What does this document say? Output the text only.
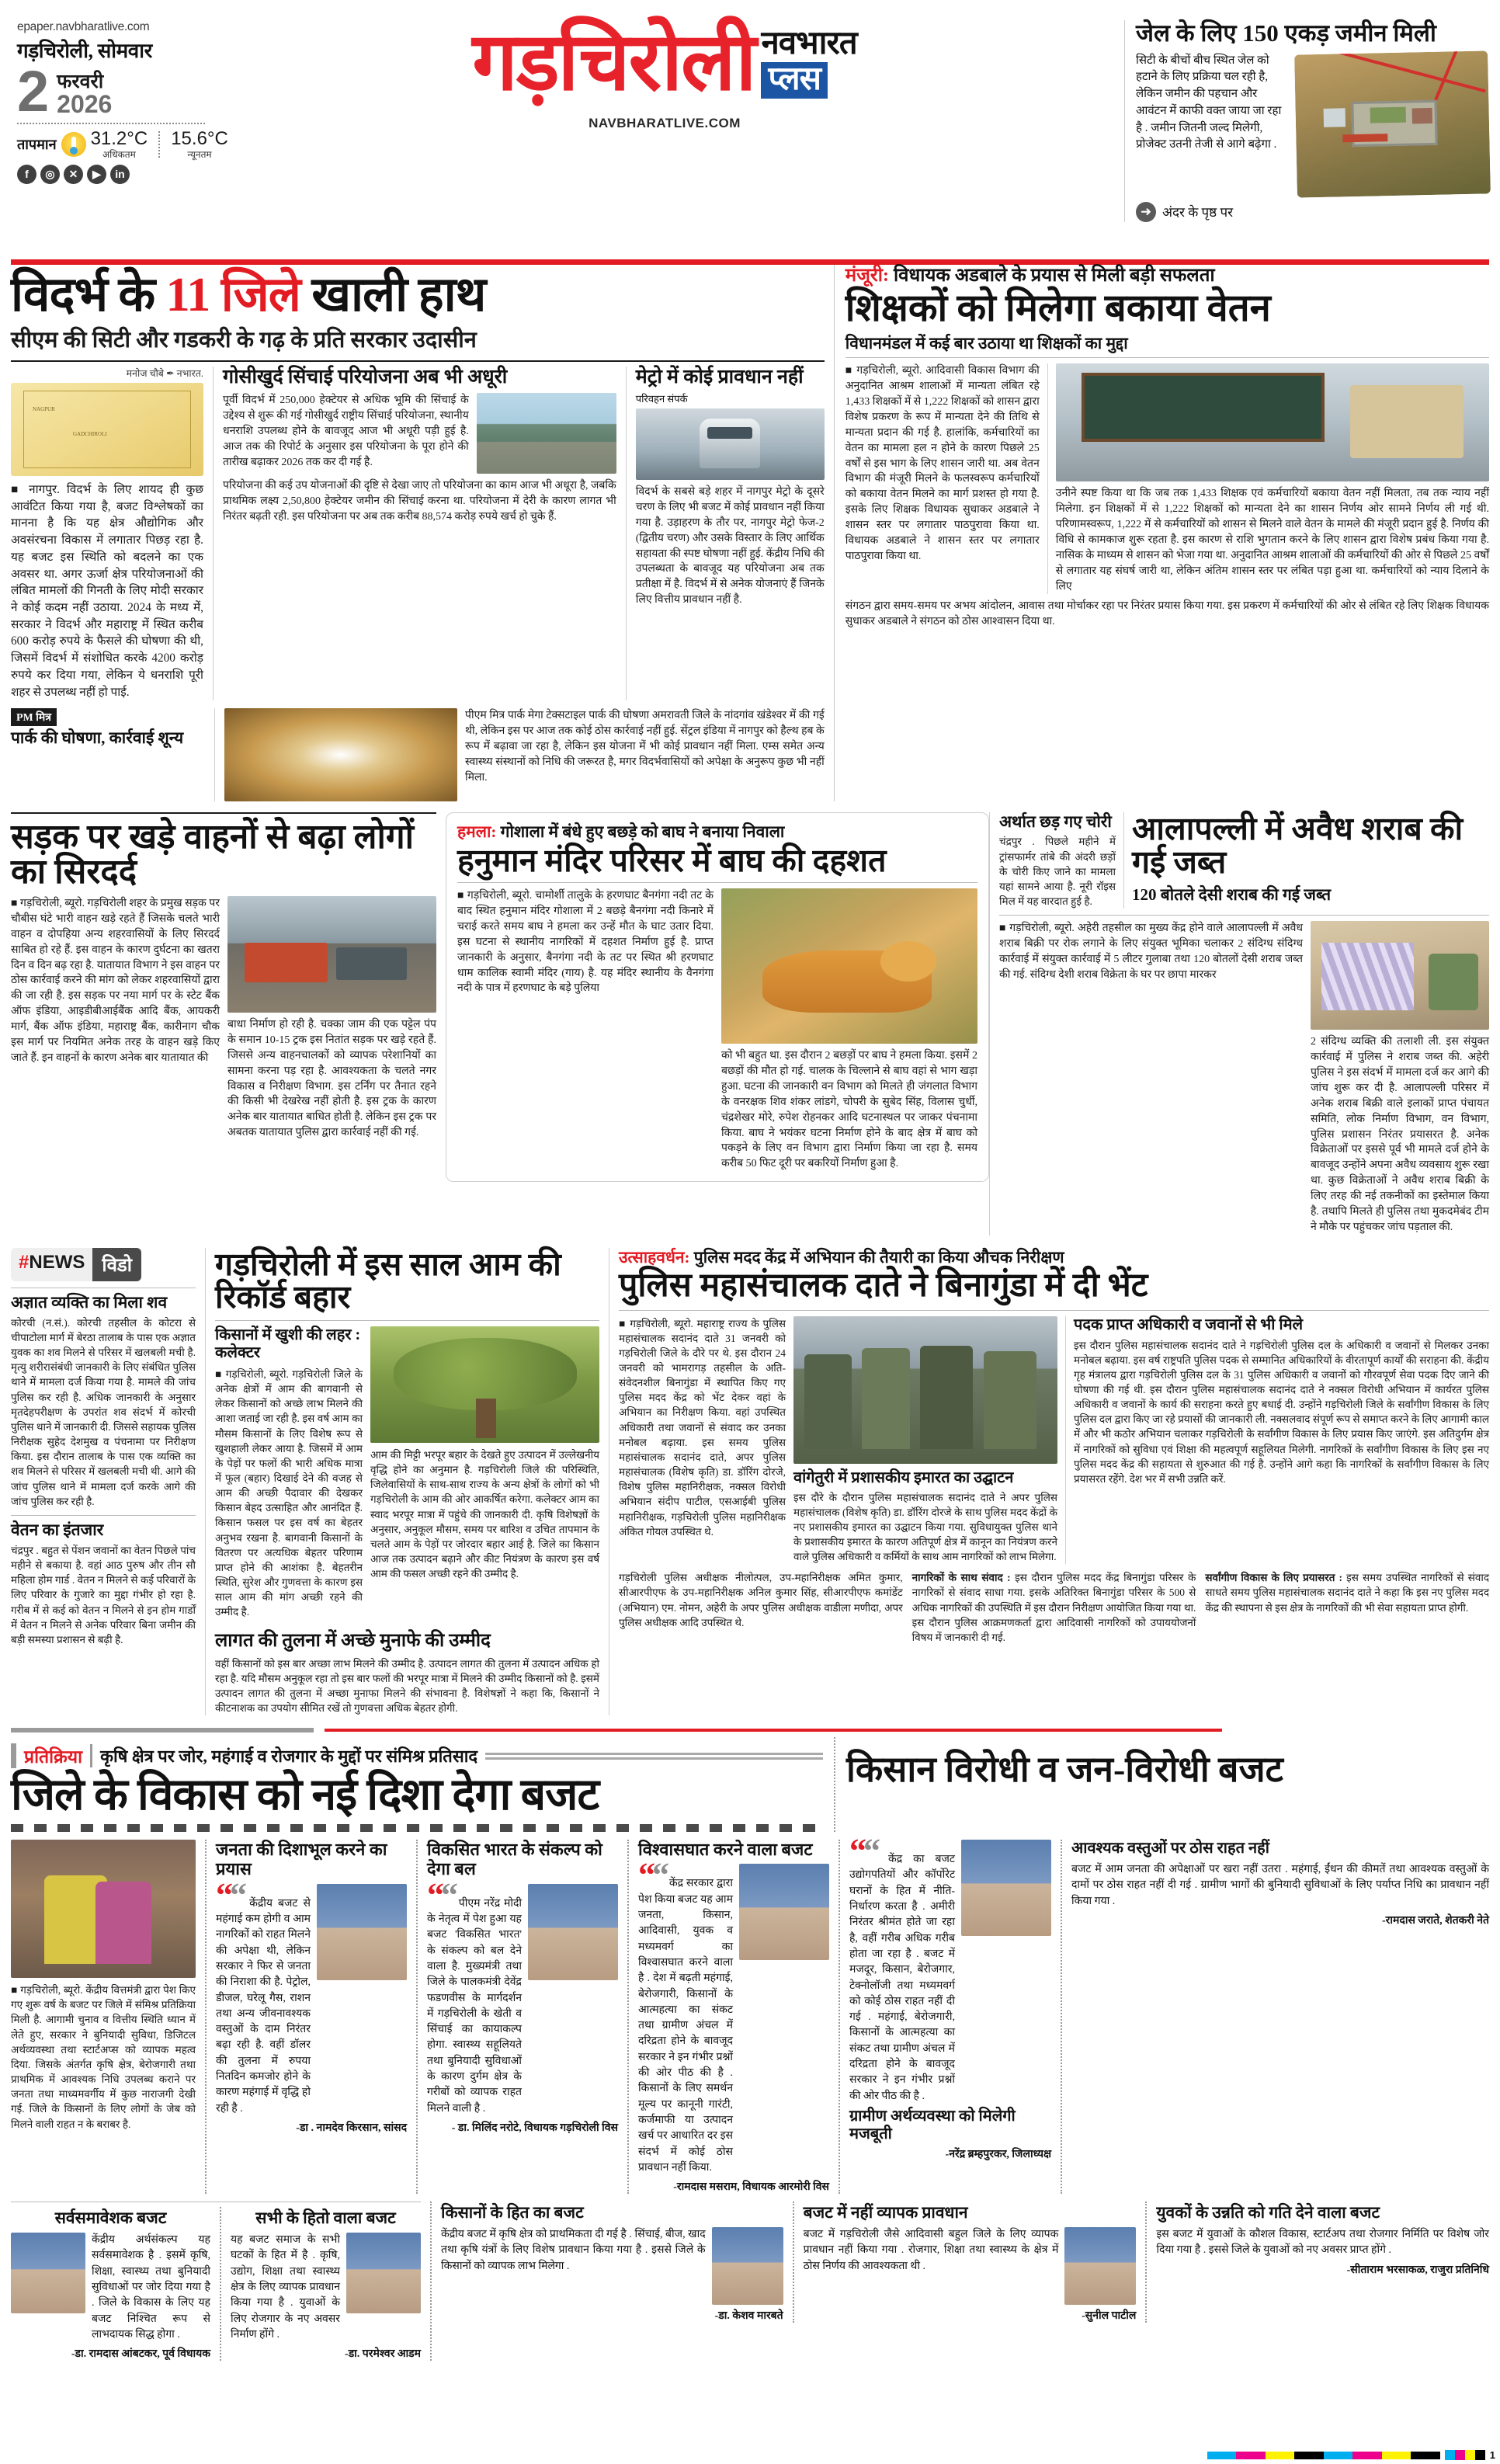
epaper.navbharatlive.com
गड़चिरोली, सोमवार
2 फरवरी
2026
तापमान 31.2°C
अधिकतम
15.6°C
न्यूनतम
f	◎	✕	▶	in
गड़चिरोली नवभारत
प्लस
NAVBHARATLIVE.COM
जेल के लिए 150 एकड़ जमीन मिली
सिटी के बीचों बीच स्थित जेल को हटाने के लिए प्रक्रिया चल रही है, लेकिन जमीन की पहचान और आवंटन में काफी वक्त जाया जा रहा है . जमीन जितनी जल्द मिलेगी, प्रोजेक्ट उतनी तेजी से आगे बढ़ेगा .
➜ अंदर के पृष्ठ पर
विदर्भ के 11 जिले खाली हाथ
सीएम की सिटी और गडकरी के गढ़ के प्रति सरकार उदासीन
मनोज चौबे ✒ नभारत.
NAGPUR
GADCHIROLI
■ नागपुर. विदर्भ के लिए शायद ही कुछ आवंटित किया गया है, बजट विश्लेषकों का मानना है कि यह क्षेत्र औद्योगिक और अवसंरचना विकास में लगातार पिछड़ रहा है. यह बजट इस स्थिति को बदलने का एक अवसर था. अगर ऊर्जा क्षेत्र परियोजनाओं की लंबित मामलों की गिनती के लिए मोदी सरकार ने कोई कदम नहीं उठाया. 2024 के मध्य में, सरकार ने विदर्भ और महाराष्ट्र में स्थित करीब 600 करोड़ रुपये के फैसले की घोषणा की थी, जिसमें विदर्भ में संशोधित करके 4200 करोड़ रुपये कर दिया गया, लेकिन ये धनराशि पूरी शहर से उपलब्ध नहीं हो पाई.
गोसीखुर्द सिंचाई परियोजना अब भी अधूरी
पूर्वी विदर्भ में 250,000 हेक्टेयर से अधिक भूमि की सिंचाई के उद्देश्य से शुरू की गई गोसीखुर्द राष्ट्रीय सिंचाई परियोजना, स्थानीय धनराशि उपलब्ध होने के बावजूद आज भी अधूरी पड़ी हुई है. आज तक की रिपोर्ट के अनुसार इस परियोजना के पूरा होने की तारीख बढ़ाकर 2026 तक कर दी गई है.
परियोजना की कई उप योजनाओं की दृष्टि से देखा जाए तो परियोजना का काम आज भी अधूरा है, जबकि प्राथमिक लक्ष्य 2,50,800 हेक्टेयर जमीन की सिंचाई करना था. परियोजना में देरी के कारण लागत भी निरंतर बढ़ती रही. इस परियोजना पर अब तक करीब 88,574 करोड़ रुपये खर्च हो चुके हैं.
मेट्रो में कोई प्रावधान नहीं
परिवहन संपर्क
विदर्भ के सबसे बड़े शहर में नागपुर मेट्रो के दूसरे चरण के लिए भी बजट में कोई प्रावधान नहीं किया गया है. उड़ाहरण के तौर पर, नागपुर मेट्रो फेज-2 (द्वितीय चरण) और उसके विस्तार के लिए आर्थिक सहायता की स्पष्ट घोषणा नहीं हुई. केंद्रीय निधि की उपलब्धता के बावजूद यह परियोजना अब तक प्रतीक्षा में है. विदर्भ में से अनेक योजनाएं हैं जिनके लिए वित्तीय प्रावधान नहीं है.
PM मित्र
पार्क की घोषणा, कार्रवाई शून्य
पीएम मित्र पार्क मेगा टेक्सटाइल पार्क की घोषणा अमरावती जिले के नांदगांव खंडेश्वर में की गई थी, लेकिन इस पर आज तक कोई ठोस कार्रवाई नहीं हुई. सेंट्रल इंडिया में नागपुर को हैल्थ हब के रूप में बढ़ावा जा रहा है, लेकिन इस योजना में भी कोई प्रावधान नहीं मिला. एम्स समेत अन्य स्वास्थ्य संस्थानों को निधि की जरूरत है, मगर विदर्भवासियों को अपेक्षा के अनुरूप कुछ भी नहीं मिला.
मंजूरी: विधायक अडबाले के प्रयास से मिली बड़ी सफलता
शिक्षकों को मिलेगा बकाया वेतन
विधानमंडल में कई बार उठाया था शिक्षकों का मुद्दा
■ गड़चिरोली, ब्यूरो. आदिवासी विकास विभाग की अनुदानित आश्रम शालाओं में मान्यता लंबित रहे 1,433 शिक्षकों में से 1,222 शिक्षकों को शासन द्वारा विशेष प्रकरण के रूप में मान्यता देने की तिथि से मान्यता प्रदान की गई है. हालांकि, कर्मचारियों का वेतन का मामला हल न होने के कारण पिछले 25 वर्षों से इस भाग के लिए शासन जारी था. अब वेतन विभाग की मंजूरी मिलने के फलस्वरूप कर्मचारियों को बकाया वेतन मिलने का मार्ग प्रशस्त हो गया है. इसके लिए शिक्षक विधायक सुधाकर अडबाले ने शासन स्तर पर लगातार पाठपुरावा किया था. विधायक अडबाले ने शासन स्तर पर लगातार पाठपुरावा किया था.
उनीने स्पष्ट किया था कि जब तक 1,433 शिक्षक एवं कर्मचारियों बकाया वेतन नहीं मिलता, तब तक न्याय नहीं मिलेगा. इन शिक्षकों में से 1,222 शिक्षकों को मान्यता देने का शासन निर्णय ओर सामने निर्णय ली गई थी. परिणामस्वरूप, 1,222 में से कर्मचारियों को शासन से मिलने वाले वेतन के मामले की मंजूरी प्रदान हुई है. निर्णय की विधि से कामकाज शुरू रहता है. इस कारण से राशि भुगतान करने के लिए शासन द्वारा विशेष प्रबंध किया गया है. नासिक के माध्यम से शासन को भेजा गया था. अनुदानित आश्रम शालाओं की कर्मचारियों की ओर से पिछले 25 वर्षों से लगातार यह संघर्ष जारी था, लेकिन अंतिम शासन स्तर पर लंबित पड़ा हुआ था. कर्मचारियों को न्याय दिलाने के लिए
संगठन द्वारा समय-समय पर अभय आंदोलन, आवास तथा मोर्चाकर रहा पर निरंतर प्रयास किया गया. इस प्रकरण में कर्मचारियों की ओर से लंबित रहे लिए शिक्षक विधायक सुधाकर अडबाले ने संगठन को ठोस आश्वासन दिया था.
सड़क पर खड़े वाहनों से बढ़ा लोगों का सिरदर्द
■ गड़चिरोली, ब्यूरो. गड़चिरोली शहर के प्रमुख सड़क पर चौबीस घंटे भारी वाहन खड़े रहते हैं जिसके चलते भारी वाहन व दोपहिया अन्य शहरवासियों के लिए सिरदर्द साबित हो रहे हैं. इस वाहन के कारण दुर्घटना का खतरा दिन व दिन बढ़ रहा है. यातायात विभाग ने इस वाहन पर ठोस कार्रवाई करने की मांग को लेकर शहरवासियों द्वारा की जा रही है. इस सड़क पर नया मार्ग पर के स्टेट बैंक ऑफ इंडिया, आइडीबीआईबैंक आदि बैंक, आयकरी मार्ग, बैंक ऑफ इंडिया, महाराष्ट्र बैंक, कारीनाग चौक इस मार्ग पर नियमित अनेक तरह के वाहन खड़े किए जाते हैं. इन वाहनों के कारण अनेक बार यातायात की
बाधा निर्माण हो रही है. चक्का जाम की एक पट्टेल पंप के समान 10-15 ट्रक इस नितांत सड़क पर खड़े रहते हैं. जिससे अन्य वाहनचालकों को व्यापक परेशानियों का सामना करना पड़ रहा है. आवश्यकता के चलते नगर विकास व निरीक्षण विभाग. इस टर्निंग पर तैनात रहने की किसी भी देखरेख नहीं होती है. इस ट्रक के कारण अनेक बार यातायात बाधित होती है. लेकिन इस ट्रक पर अबतक यातायात पुलिस द्वारा कार्रवाई नहीं की गई.
हमला: गोशाला में बंधे हुए बछड़े को बाघ ने बनाया निवाला
हनुमान मंदिर परिसर में बाघ की दहशत
■ गड़चिरोली, ब्यूरो. चामोर्शी तालुके के हरणघाट बैनगंगा नदी तट के बाद स्थित हनुमान मंदिर गोशाला में 2 बछड़े बैनगंगा नदी किनारे में चराई करते समय बाघ ने हमला कर उन्हें मौत के घाट उतार दिया. इस घटना से स्थानीय नागरिकों में दहशत निर्माण हुई है. प्राप्त जानकारी के अनुसार, बैनगंगा नदी के तट पर स्थित श्री हरणघाट धाम कालिक स्वामी मंदिर (गाय) है. यह मंदिर स्थानीय के वैनगंगा नदी के पात्र में हरणघाट के बड़े पुलिया
को भी बहुत था. इस दौरान 2 बछड़ों पर बाघ ने हमला किया. इसमें 2 बछड़ों की मौत हो गई. चालक के चिल्लाने से बाघ वहां से भाग खड़ा हुआ. घटना की जानकारी वन विभाग को मिलते ही जंगलात विभाग के वनरक्षक शिव शंकर लांडगे, चोपरी के सुबेद सिंह, विलास चुर्धी, चंद्रशेखर मोरे, रुपेश रोहनकर आदि घटनास्थल पर जाकर पंचनामा किया. बाघ ने भयंकर घटना निर्माण होने के बाद क्षेत्र में बाघ को पकड़ने के लिए वन विभाग द्वारा निर्माण किया जा रहा है. समय करीब 50 फिट दूरी पर बकरियों निर्माण हुआ है.
अर्थात छड़ गए चोरी
चंद्रपुर . पिछले महीने में ट्रांसफार्मर तांबे की अंदरी छड़ों के चोरी किए जाने का मामला यहां सामने आया है. नूरी रॉइस मिल में यह वारदात हुई है.
आलापल्ली में अवैध शराब की गई जब्त
120 बोतले देसी शराब की गई जब्त
■ गड़चिरोली, ब्यूरो. अहेरी तहसील का मुख्य केंद्र होने वाले आलापल्ली में अवैध शराब बिक्री पर रोक लगाने के लिए संयुक्त भूमिका चलाकर 2 संदिग्ध संदिग्ध कार्रवाई में संयुक्त कार्रवाई में 5 लीटर गुलाबा तथा 120 बोतलों देसी शराब जब्त की गई. संदिग्ध देशी शराब विक्रेता के घर पर छापा मारकर
2 संदिग्ध व्यक्ति की तलाशी ली. इस संयुक्त कार्रवाई में पुलिस ने शराब जब्त की. अहेरी पुलिस ने इस संदर्भ में मामला दर्ज कर आगे की जांच शुरू कर दी है. आलापल्ली परिसर में अनेक शराब बिक्री वाले इलाकों प्राप्त पंचायत समिति, लोक निर्माण विभाग, वन विभाग, पुलिस प्रशासन निरंतर प्रयासरत है. अनेक विक्रेताओं पर इससे पूर्व भी मामले दर्ज होने के बावजूद उन्होंने अपना अवैध व्यवसाय शुरू रखा था. कुछ विक्रेताओं ने अवैध शराब बिक्री के लिए तरह की नई तकनीकों का इस्तेमाल किया है. तथापि मिलते ही पुलिस तथा मुकदमेबंद टीम ने मौके पर पहुंचकर जांच पड़ताल की.
#NEWS विडो
अज्ञात व्यक्ति का मिला शव
कोरची (न.सं.). कोरची तहसील के कोटरा से चीपाटोला मार्ग में बेरठा तालाब के पास एक अज्ञात युवक का शव मिलने से परिसर में खलबली मची है. मृत्यु शरीरासंबंधी जानकारी के लिए संबंधित पुलिस थाने में मामला दर्ज किया गया है. मामले की जांच पुलिस कर रही है. अधिक जानकारी के अनुसार मृतदेहपरीक्षण के उपरांत शव संदर्भ में कोरची पुलिस थाने में जानकारी दी. जिससे सहायक पुलिस निरीक्षक सुहेद देशमुख व पंचनामा पर निरीक्षण किया. इस दौरान तालाब के पास एक व्यक्ति का शव मिलने से परिसर में खलबली मची थी. आगे की जांच पुलिस थाने में मामला दर्ज करके आगे की जांच पुलिस कर रही है.
वेतन का इंतजार
चंद्रपुर . बहुत से पेंशन जवानों का वेतन पिछले पांच महीने से बकाया है. वहां आठ पुरुष और तीन सौ महिला होम गार्ड . वेतन न मिलने से कई परिवारों के लिए परिवार के गुजारे का मुद्दा गंभीर हो रहा है. गरीब में से कई को वेतन न मिलने से इन होम गार्डों में वेतन न मिलने से अनेक परिवार बिना जमीन की बड़ी समस्या प्रशासन से बढ़ी है.
गड़चिरोली में इस साल आम की रिकॉर्ड बहार
किसानों में खुशी की लहर : कलेक्टर
■ गड़चिरोली, ब्यूरो. गड़चिरोली जिले के अनेक क्षेत्रों में आम की बागवानी से लेकर किसानों को अच्छे लाभ मिलने की आशा जताई जा रही है. इस वर्ष आम का मौसम किसानों के लिए विशेष रूप से खुशहाली लेकर आया है. जिसमें में आम के पेड़ों पर फलों की भारी अधिक मात्रा में फूल (बहार) दिखाई देने की वजह से आम की अच्छी पैदावार की देखकर किसान बेहद उत्साहित और आनंदित हैं. किसान फसल पर इस वर्ष का बेहतर अनुभव रखना है. बागवानी किसानों के वितरण पर अत्यधिक बेहतर परिणाम प्राप्त होने की आशंका है. बेहतरीन स्थिति, सुरेश और गुणवत्ता के कारण इस साल आम की मांग अच्छी रहने की उम्मीद है.
आम की मिट्टी भरपूर बहार के देखते हुए उत्पादन में उल्लेखनीय वृद्धि होने का अनुमान है. गड़चिरोली जिले की परिस्थिति, जिलेवासियों के साथ-साथ राज्य के अन्य क्षेत्रों के लोगों को भी गड़चिरोली के आम की ओर आकर्षित करेगा. कलेक्टर आम का स्वाद भरपूर मात्रा में पहुंचे की जानकारी दी. कृषि विशेषज्ञों के अनुसार, अनुकूल मौसम, समय पर बारिश व उचित तापमान के चलते आम के पेड़ों पर जोरदार बहार आई है. जिले का किसान आज तक उत्पादन बढ़ाने और कीट नियंत्रण के कारण इस वर्ष आम की फसल अच्छी रहने की उम्मीद है.
लागत की तुलना में अच्छे मुनाफे की उम्मीद
वहीं किसानों को इस बार अच्छा लाभ मिलने की उम्मीद है. उत्पादन लागत की तुलना में उत्पादन अधिक हो रहा है. यदि मौसम अनुकूल रहा तो इस बार फलों की भरपूर मात्रा में मिलने की उम्मीद किसानों को है. इसमें उत्पादन लागत की तुलना में अच्छा मुनाफा मिलने की संभावना है. विशेषज्ञों ने कहा कि, किसानों ने कीटनाशक का उपयोग सीमित रखें तो गुणवत्ता अधिक बेहतर होगी.
उत्साहवर्धन: पुलिस मदद केंद्र में अभियान की तैयारी का किया औचक निरीक्षण
पुलिस महासंचालक दाते ने बिनागुंडा में दी भेंट
■ गड़चिरोली, ब्यूरो. महाराष्ट्र राज्य के पुलिस महासंचालक सदानंद दाते 31 जनवरी को गड़चिरोली जिले के दौरे पर थे. इस दौरान 24 जनवरी को भामरागड़ तहसील के अति-संवेदनशील बिनागुंडा में स्थापित किए गए पुलिस मदद केंद्र को भेंट देकर वहां के अभियान का निरीक्षण किया. वहां उपस्थित अधिकारी तथा जवानों से संवाद कर उनका मनोबल बढ़ाया. इस समय पुलिस महासंचालक सदानंद दाते, अपर पुलिस महासंचालक (विशेष कृति) डा. डॉरिंग दोरजे, विशेष पुलिस महानिरीक्षक, नक्सल विरोधी अभियान संदीप पाटील, एसआईबी पुलिस महानिरीक्षक, गड़चिरोली पुलिस महानिरीक्षक अंकित गोयल उपस्थित थे.
वांगेतुरी में प्रशासकीय इमारत का उद्घाटन
इस दौरे के दौरान पुलिस महासंचालक सदानंद दाते ने अपर पुलिस महासंचालक (विशेष कृति) डा. डॉरिंग दोरजे के साथ पुलिस मदद केंद्रों के नए प्रशासकीय इमारत का उद्घाटन किया गया. सुविधायुक्त पुलिस थाने के प्रशासकीय इमारत के कारण अतिपूर्ण क्षेत्र में कानून का नियंत्रण करने वाले पुलिस अधिकारी व कर्मियों के साथ आम नागरिकों को लाभ मिलेगा.
पदक प्राप्त अधिकारी व जवानों से भी मिले
इस दौरान पुलिस महासंचालक सदानंद दाते ने गड़चिरोली पुलिस दल के अधिकारी व जवानों से मिलकर उनका मनोबल बढ़ाया. इस वर्ष राष्ट्रपति पुलिस पदक से सम्मानित अधिकारियों के वीरतापूर्ण कार्यों की सराहना की. केंद्रीय गृह मंत्रालय द्वारा गड़चिरोली पुलिस दल के 31 पुलिस अधिकारी व जवानों को गौरवपूर्ण सेवा पदक दिए जाने की घोषणा की गई थी. इस दौरान पुलिस महासंचालक सदानंद दाते ने नक्सल विरोधी अभियान में कार्यरत पुलिस अधिकारी व जवानों के कार्य की सराहना करते हुए बधाई दी. उन्होंने गड़चिरोली जिले के सर्वांगीण विकास के लिए पुलिस दल द्वारा किए जा रहे प्रयासों की जानकारी ली. नक्सलवाद संपूर्ण रूप से समाप्त करने के लिए आगामी काल में और भी कठोर अभियान चलाकर गड़चिरोली के सर्वांगीण विकास के लिए प्रयास किए जाएंगे. इस अतिदुर्गम क्षेत्र में नागरिकों को सुविधा एवं शिक्षा की महत्वपूर्ण सहूलियत मिलेगी. नागरिकों के सर्वांगीण विकास के लिए इस नए पुलिस मदद केंद्र की सहायता से शुरुआत की गई है. उन्होंने आगे कहा कि नागरिकों के सर्वांगीण विकास के लिए प्रयासरत रहेंगे. देश भर में सभी उन्नति करें.
गड़चिरोली पुलिस अधीक्षक नीलोत्पल, उप-महानिरीक्षक अमित कुमार, सीआरपीएफ के उप-महानिरीक्षक अनिल कुमार सिंह, सीआरपीएफ कमांडेंट (अभियान) एम. नोमन, अहेरी के अपर पुलिस अधीक्षक वाडीला मणीदा, अपर पुलिस अधीक्षक आदि उपस्थित थे.
नागरिकों के साथ संवाद : इस दौरान पुलिस मदद केंद्र बिनागुंडा परिसर के नागरिकों से संवाद साधा गया. इसके अतिरिक्त बिनागुंडा परिसर के 500 से अधिक नागरिकों की उपस्थिति में इस दौरान निरीक्षण आयोजित किया गया था. इस दौरान पुलिस आक्रमणकर्ता द्वारा आदिवासी नागरिकों को उपाययोजनों विषय में जानकारी दी गई.
सर्वांगीण विकास के लिए प्रयासरत : इस समय उपस्थित नागरिकों से संवाद साधते समय पुलिस महासंचालक सदानंद दाते ने कहा कि इस नए पुलिस मदद केंद्र की स्थापना से इस क्षेत्र के नागरिकों की भी सेवा सहायता प्राप्त होगी.
प्रतिक्रिया कृषि क्षेत्र पर जोर, महंगाई व रोजगार के मुद्दों पर संमिश्र प्रतिसाद
जिले के विकास को नई दिशा देगा बजट
किसान विरोधी व जन-विरोधी बजट
■ गड़चिरोली, ब्यूरो. केंद्रीय वित्तमंत्री द्वारा पेश किए गए शुरू वर्ष के बजट पर जिले में संमिश्र प्रतिक्रिया मिली है. आगामी चुनाव व वित्तीय स्थिति ध्यान में लेते हुए, सरकार ने बुनियादी सुविधा, डिजिटल अर्थव्यवस्था तथा स्टार्टअप्स को व्यापक महत्व दिया. जिसके अंतर्गत कृषि क्षेत्र, बेरोजगारी तथा प्राथमिक में आवश्यक निधि उपलब्ध कराने पर जनता तथा माध्यमवर्गीय में कुछ नाराजगी देखी गई. जिले के किसानों के लिए लोगों के जेब को मिलने वाली राहत न के बराबर है.
जनता की दिशाभूल करने का प्रयास
““ केंद्रीय बजट से महंगाई कम होगी व आम नागरिकों को राहत मिलने की अपेक्षा थी, लेकिन सरकार ने फिर से जनता की निराशा की है. पेट्रोल, डीजल, घरेलू गैस, राशन तथा अन्य जीवनावश्यक वस्तुओं के दाम निरंतर बढ़ा रही है. वहीं डॉलर की तुलना में रुपया नितदिन कमजोर होने के कारण महंगाई में वृद्धि हो रही है .
-डा . नामदेव किरसान, सांसद
विकसित भारत के संकल्प को देगा बल
““ पीएम नरेंद्र मोदी के नेतृत्व में पेश हुआ यह बजट 'विकसित भारत' के संकल्प को बल देने वाला है. मुख्यमंत्री तथा जिले के पालकमंत्री देवेंद्र फडणवीस के मार्गदर्शन में गड़चिरोली के खेती व सिंचाई का कायाकल्प होगा. स्वास्थ्य सहूलियते तथा बुनियादी सुविधाओं के कारण दुर्गम क्षेत्र के गरीबों को व्यापक राहत मिलने वाली है .
- डा. मिलिंद नरोटे, विधायक गड़चिरोली विस
विश्वासघात करने वाला बजट
““ केंद्र सरकार द्वारा पेश किया बजट यह आम जनता, किसान, आदिवासी, युवक व मध्यमवर्ग का विश्वासघात करने वाला है . देश में बढ़ती महंगाई, बेरोजगारी, किसानों के आत्महत्या का संकट तथा ग्रामीण अंचल में दरिद्रता होने के बावजूद सरकार ने इन गंभीर प्रश्नों की ओर पीठ की है . किसानों के लिए समर्थन मूल्य पर कानूनी गारंटी, कर्जमाफी या उत्पादन खर्च पर आधारित दर इस संदर्भ में कोई ठोस प्रावधान नहीं किया.
-रामदास मसराम, विधायक आरमोरी विस
““ केंद्र का बजट उद्योगपतियों और कॉर्पोरेट घरानों के हित में नीति-निर्धारण करता है . अमीरी निरंतर श्रीमंत होते जा रहा है, वहीं गरीब अधिक गरीब होता जा रहा है . बजट में मजदूर, किसान, बेरोजगार, टेक्नोलॉजी तथा मध्यमवर्ग को कोई ठोस राहत नहीं दी गई . महंगाई, बेरोजगारी, किसानों के आत्महत्या का संकट तथा ग्रामीण अंचल में दरिद्रता होने के बावजूद सरकार ने इन गंभीर प्रश्नों की ओर पीठ की है .
ग्रामीण अर्थव्यवस्था को मिलेगी मजबूती
-नरेंद्र ब्रम्हपुरकर, जिलाध्यक्ष
आवश्यक वस्तुओं पर ठोस राहत नहीं
बजट में आम जनता की अपेक्षाओं पर खरा नहीं उतरा . महंगाई, ईंधन की कीमतें तथा आवश्यक वस्तुओं के दामों पर ठोस राहत नहीं दी गई . ग्रामीण भागों की बुनियादी सुविधाओं के लिए पर्याप्त निधि का प्रावधान नहीं किया गया .
-रामदास जराते, शेतकरी नेते
सर्वसमावेशक बजट
केंद्रीय अर्थसंकल्प यह सर्वसमावेशक है . इसमें कृषि, शिक्षा, स्वास्थ्य तथा बुनियादी सुविधाओं पर जोर दिया गया है . जिले के विकास के लिए यह बजट निश्चित रूप से लाभदायक सिद्ध होगा .
-डा. रामदास आंबटकर, पूर्व विधायक
सभी के हितो वाला बजट
यह बजट समाज के सभी घटकों के हित में है . कृषि, उद्योग, शिक्षा तथा स्वास्थ्य क्षेत्र के लिए व्यापक प्रावधान किया गया है . युवाओं के लिए रोजगार के नए अवसर निर्माण होंगे .
-डा. परमेश्वर आडम
किसानों के हित का बजट
केंद्रीय बजट में कृषि क्षेत्र को प्राथमिकता दी गई है . सिंचाई, बीज, खाद तथा कृषि यंत्रों के लिए विशेष प्रावधान किया गया है . इससे जिले के किसानों को व्यापक लाभ मिलेगा .
-डा. केशव मारबते
बजट में नहीं व्यापक प्रावधान
बजट में गड़चिरोली जैसे आदिवासी बहुल जिले के लिए व्यापक प्रावधान नहीं किया गया . रोजगार, शिक्षा तथा स्वास्थ्य के क्षेत्र में ठोस निर्णय की आवश्यकता थी .
-सुनील पाटील
युवकों के उन्नति को गति देने वाला बजट
इस बजट में युवाओं के कौशल विकास, स्टार्टअप तथा रोजगार निर्मिति पर विशेष जोर दिया गया है . इससे जिले के युवाओं को नए अवसर प्राप्त होंगे .
-सीताराम भरसाकळ, राजुरा प्रतिनिधि
1
